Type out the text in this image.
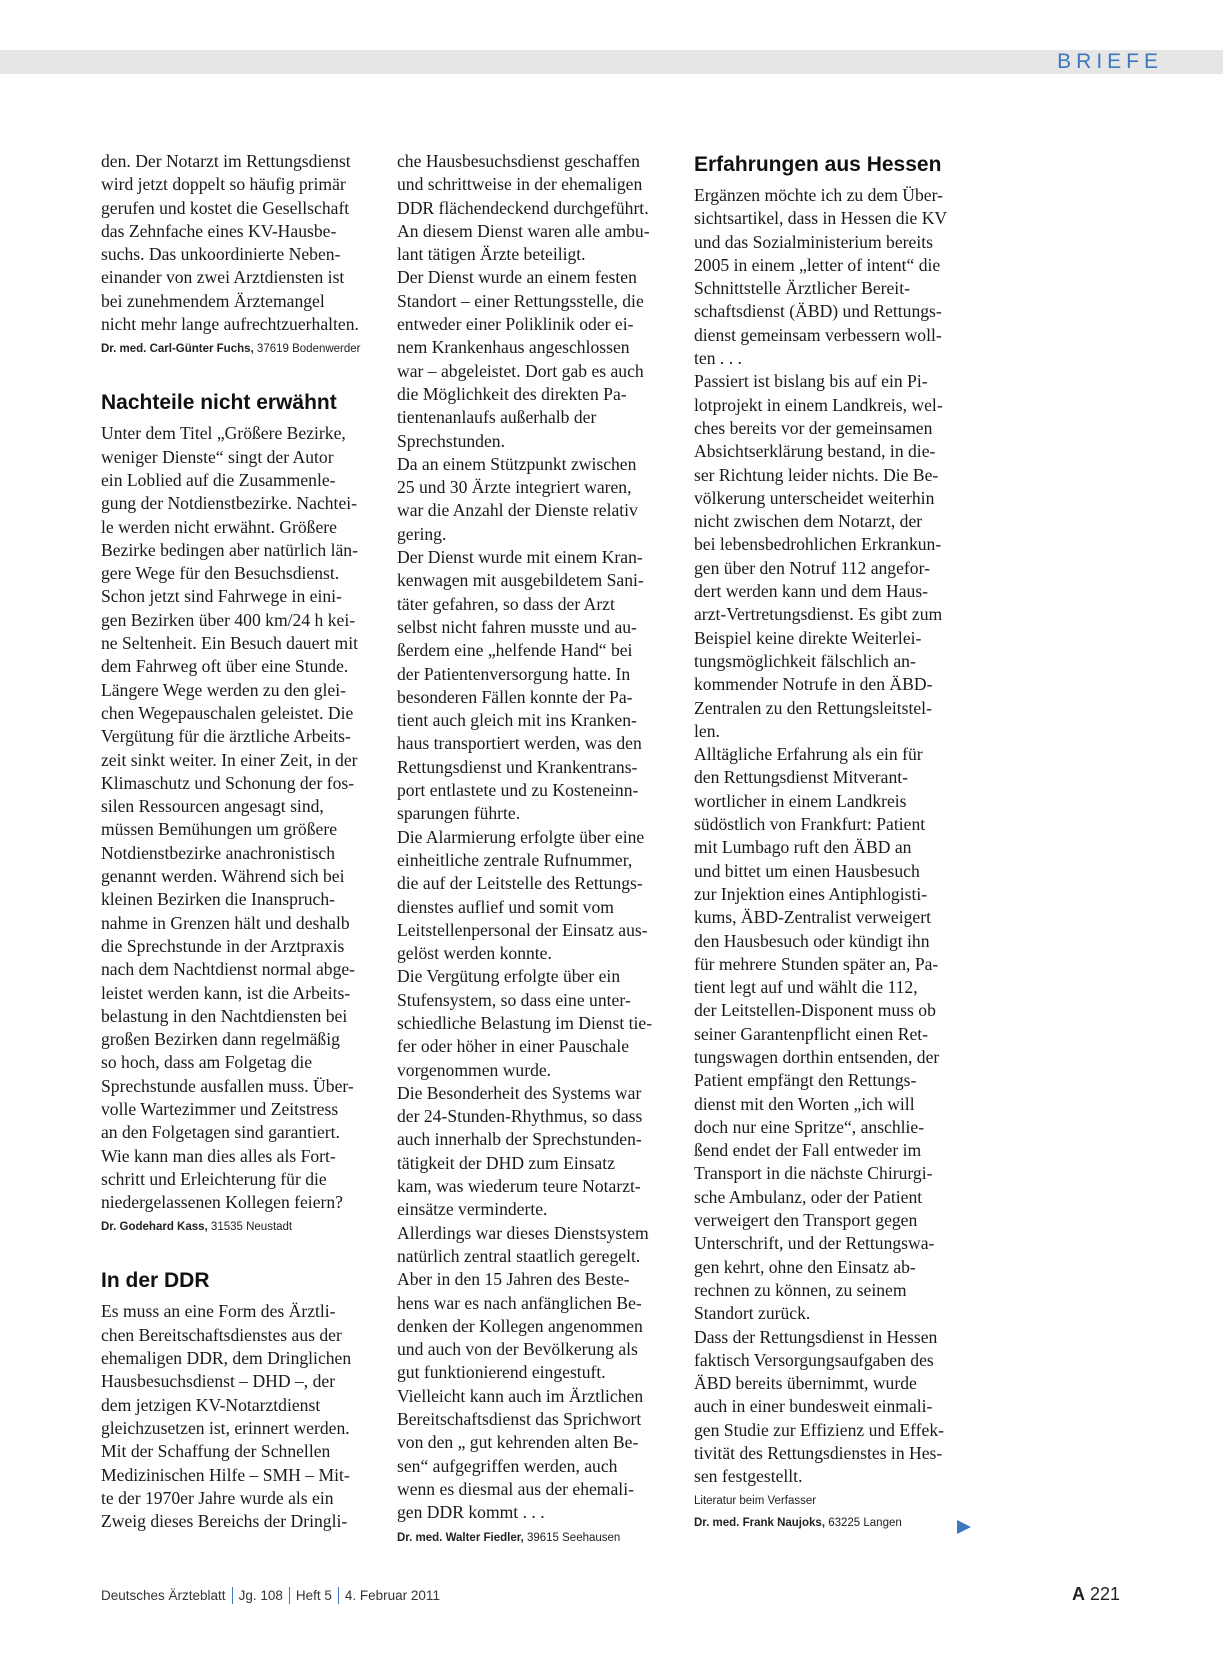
BRIEFE
den. Der Notarzt im Rettungsdienst
wird jetzt doppelt so häufig primär
gerufen und kostet die Gesellschaft
das Zehnfache eines KV-Hausbe-
suchs. Das unkoordinierte Neben-
einander von zwei Arztdiensten ist
bei zunehmendem Ärztemangel
nicht mehr lange aufrechtzuerhalten.
Dr. med. Carl-Günter Fuchs, 37619 Bodenwerder
Nachteile nicht erwähnt
Unter dem Titel „Größere Bezirke,
weniger Dienste“ singt der Autor
ein Loblied auf die Zusammenle-
gung der Notdienstbezirke. Nachtei-
le werden nicht erwähnt. Größere
Bezirke bedingen aber natürlich län-
gere Wege für den Besuchsdienst.
Schon jetzt sind Fahrwege in eini-
gen Bezirken über 400 km/24 h kei-
ne Seltenheit. Ein Besuch dauert mit
dem Fahrweg oft über eine Stunde.
Längere Wege werden zu den glei-
chen Wegepauschalen geleistet. Die
Vergütung für die ärztliche Arbeits-
zeit sinkt weiter. In einer Zeit, in der
Klimaschutz und Schonung der fos-
silen Ressourcen angesagt sind,
müssen Bemühungen um größere
Notdienstbezirke anachronistisch
genannt werden. Während sich bei
kleinen Bezirken die Inanspruch-
nahme in Grenzen hält und deshalb
die Sprechstunde in der Arztpraxis
nach dem Nachtdienst normal abge-
leistet werden kann, ist die Arbeits-
belastung in den Nachtdiensten bei
großen Bezirken dann regelmäßig
so hoch, dass am Folgetag die
Sprechstunde ausfallen muss. Über-
volle Wartezimmer und Zeitstress
an den Folgetagen sind garantiert.
Wie kann man dies alles als Fort-
schritt und Erleichterung für die
niedergelassenen Kollegen feiern?
Dr. Godehard Kass, 31535 Neustadt
In der DDR
Es muss an eine Form des Ärztli-
chen Bereitschaftsdienstes aus der
ehemaligen DDR, dem Dringlichen
Hausbesuchsdienst – DHD –, der
dem jetzigen KV-Notarztdienst
gleichzusetzen ist, erinnert werden.
Mit der Schaffung der Schnellen
Medizinischen Hilfe – SMH – Mit-
te der 1970er Jahre wurde als ein
Zweig dieses Bereichs der Dringli-
che Hausbesuchsdienst geschaffen
und schrittweise in der ehemaligen
DDR flächendeckend durchgeführt.
An diesem Dienst waren alle ambu-
lant tätigen Ärzte beteiligt.
Der Dienst wurde an einem festen
Standort – einer Rettungsstelle, die
entweder einer Poliklinik oder ei-
nem Krankenhaus angeschlossen
war – abgeleistet. Dort gab es auch
die Möglichkeit des direkten Pa-
tientenanlaufs außerhalb der
Sprechstunden.
Da an einem Stützpunkt zwischen
25 und 30 Ärzte integriert waren,
war die Anzahl der Dienste relativ
gering.
Der Dienst wurde mit einem Kran-
kenwagen mit ausgebildetem Sani-
täter gefahren, so dass der Arzt
selbst nicht fahren musste und au-
ßerdem eine „helfende Hand“ bei
der Patientenversorgung hatte. In
besonderen Fällen konnte der Pa-
tient auch gleich mit ins Kranken-
haus transportiert werden, was den
Rettungsdienst und Krankentrans-
port entlastete und zu Kosteneinn-
sparungen führte.
Die Alarmierung erfolgte über eine
einheitliche zentrale Rufnummer,
die auf der Leitstelle des Rettungs-
dienstes auflief und somit vom
Leitstellenpersonal der Einsatz aus-
gelöst werden konnte.
Die Vergütung erfolgte über ein
Stufensystem, so dass eine unter-
schiedliche Belastung im Dienst tie-
fer oder höher in einer Pauschale
vorgenommen wurde.
Die Besonderheit des Systems war
der 24-Stunden-Rhythmus, so dass
auch innerhalb der Sprechstunden-
tätigkeit der DHD zum Einsatz
kam, was wiederum teure Notarzt-
einsätze verminderte.
Allerdings war dieses Dienstsystem
natürlich zentral staatlich geregelt.
Aber in den 15 Jahren des Beste-
hens war es nach anfänglichen Be-
denken der Kollegen angenommen
und auch von der Bevölkerung als
gut funktionierend eingestuft.
Vielleicht kann auch im Ärztlichen
Bereitschaftsdienst das Sprichwort
von den „ gut kehrenden alten Be-
sen“ aufgegriffen werden, auch
wenn es diesmal aus der ehemali-
gen DDR kommt . . .
Dr. med. Walter Fiedler, 39615 Seehausen
Erfahrungen aus Hessen
Ergänzen möchte ich zu dem Über-
sichtsartikel, dass in Hessen die KV
und das Sozialministerium bereits
2005 in einem „letter of intent“ die
Schnittstelle Ärztlicher Bereit-
schaftsdienst (ÄBD) und Rettungs-
dienst gemeinsam verbessern woll-
ten . . .
Passiert ist bislang bis auf ein Pi-
lotprojekt in einem Landkreis, wel-
ches bereits vor der gemeinsamen
Absichtserklärung bestand, in die-
ser Richtung leider nichts. Die Be-
völkerung unterscheidet weiterhin
nicht zwischen dem Notarzt, der
bei lebensbedrohlichen Erkrankun-
gen über den Notruf 112 angefor-
dert werden kann und dem Haus-
arzt-Vertretungsdienst. Es gibt zum
Beispiel keine direkte Weiterlei-
tungsmöglichkeit fälschlich an-
kommender Notrufe in den ÄBD-
Zentralen zu den Rettungsleitstel-
len.
Alltägliche Erfahrung als ein für
den Rettungsdienst Mitverant-
wortlicher in einem Landkreis
südöstlich von Frankfurt: Patient
mit Lumbago ruft den ÄBD an
und bittet um einen Hausbesuch
zur Injektion eines Antiphlogisti-
kums, ÄBD-Zentralist verweigert
den Hausbesuch oder kündigt ihn
für mehrere Stunden später an, Pa-
tient legt auf und wählt die 112,
der Leitstellen-Disponent muss ob
seiner Garantenpflicht einen Ret-
tungswagen dorthin entsenden, der
Patient empfängt den Rettungs-
dienst mit den Worten „ich will
doch nur eine Spritze“, anschlie-
ßend endet der Fall entweder im
Transport in die nächste Chirurgi-
sche Ambulanz, oder der Patient
verweigert den Transport gegen
Unterschrift, und der Rettungswa-
gen kehrt, ohne den Einsatz ab-
rechnen zu können, zu seinem
Standort zurück.
Dass der Rettungsdienst in Hessen
faktisch Versorgungsaufgaben des
ÄBD bereits übernimmt, wurde
auch in einer bundesweit einmali-
gen Studie zur Effizienz und Effek-
tivität des Rettungsdienstes in Hes-
sen festgestellt.
Literatur beim Verfasser
Dr. med. Frank Naujoks, 63225 Langen
Deutsches Ärzteblatt Jg. 108 Heft 5 4. Februar 2011	A 221
